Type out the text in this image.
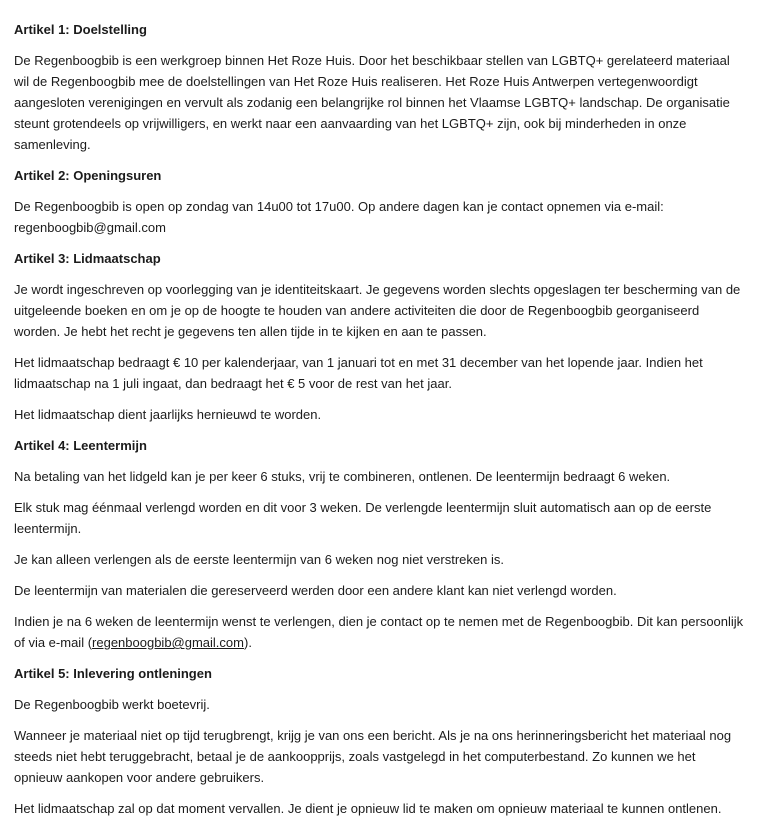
Artikel 1: Doelstelling

De Regenboogbib is een werkgroep binnen Het Roze Huis. Door het beschikbaar stellen van LGBTQ+ gerelateerd materiaal wil de Regenboogbib mee de doelstellingen van Het Roze Huis realiseren. Het Roze Huis Antwerpen vertegenwoordigt aangesloten verenigingen en vervult als zodanig een belangrijke rol binnen het Vlaamse LGBTQ+ landschap. De organisatie steunt grotendeels op vrijwilligers, en werkt naar een aanvaarding van het LGBTQ+ zijn, ook bij minderheden in onze samenleving.

Artikel 2: Openingsuren

De Regenboogbib is open op zondag van 14u00 tot 17u00. Op andere dagen kan je contact opnemen via e-mail: regenboogbib@gmail.com

Artikel 3: Lidmaatschap

Je wordt ingeschreven op voorlegging van je identiteitskaart. Je gegevens worden slechts opgeslagen ter bescherming van de uitgeleende boeken en om je op de hoogte te houden van andere activiteiten die door de Regenboogbib georganiseerd worden. Je hebt het recht je gegevens ten allen tijde in te kijken en aan te passen.

Het lidmaatschap bedraagt € 10 per kalenderjaar, van 1 januari tot en met 31 december van het lopende jaar. Indien het lidmaatschap na 1 juli ingaat, dan bedraagt het € 5 voor de rest van het jaar.

Het lidmaatschap dient jaarlijks hernieuwd te worden.

Artikel 4: Leentermijn

Na betaling van het lidgeld kan je per keer 6 stuks, vrij te combineren, ontlenen. De leentermijn bedraagt 6 weken.

Elk stuk mag éénmaal verlengd worden en dit voor 3 weken. De verlengde leentermijn sluit automatisch aan op de eerste leentermijn.

Je kan alleen verlengen als de eerste leentermijn van 6 weken nog niet verstreken is.

De leentermijn van materialen die gereserveerd werden door een andere klant kan niet verlengd worden.

Indien je na 6 weken de leentermijn wenst te verlengen, dien je contact op te nemen met de Regenboogbib. Dit kan persoonlijk of via e-mail (regenboogbib@gmail.com).

Artikel 5: Inlevering ontleningen

De Regenboogbib werkt boetevrij.

Wanneer je materiaal niet op tijd terugbrengt, krijg je van ons een bericht. Als je na ons herinneringsbericht het materiaal nog steeds niet hebt teruggebracht, betaal je de aankoopprijs, zoals vastgelegd in het computerbestand. Zo kunnen we het opnieuw aankopen voor andere gebruikers.

Het lidmaatschap zal op dat moment vervallen. Je dient je opnieuw lid te maken om opnieuw materiaal te kunnen ontlenen.
